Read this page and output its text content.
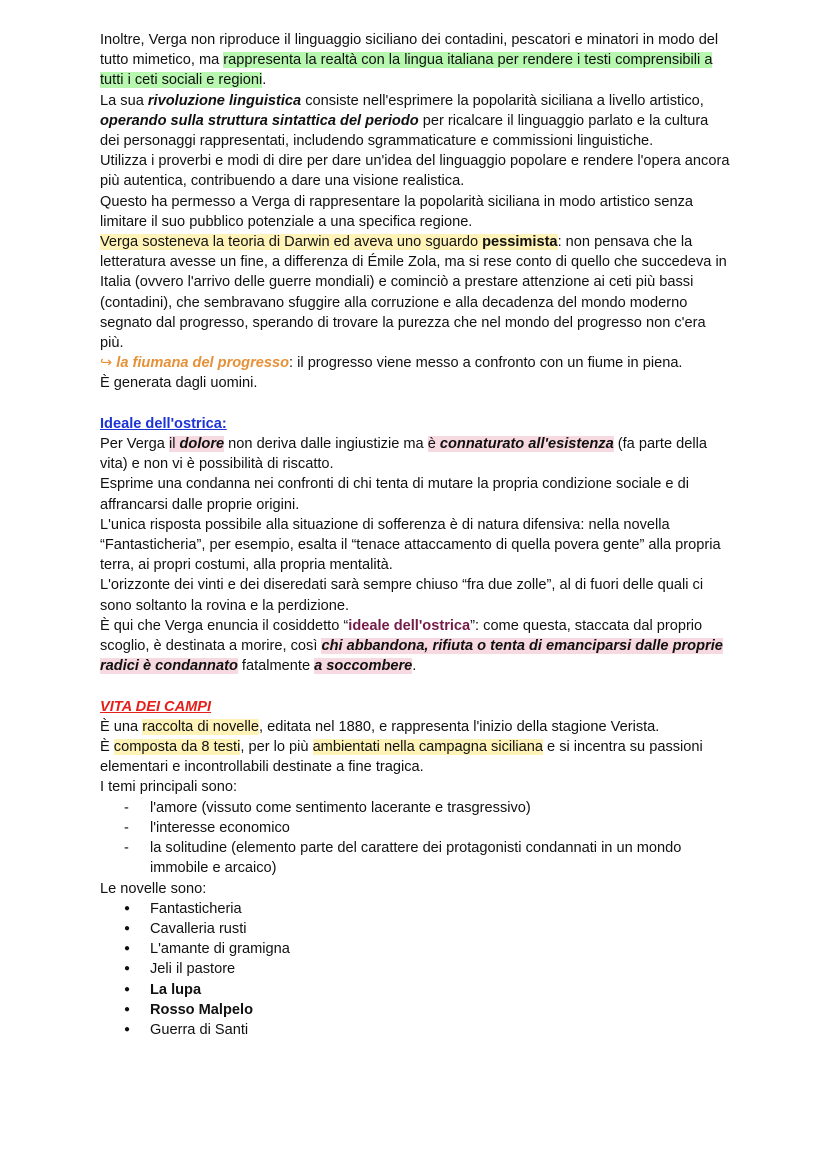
Inoltre, Verga non riproduce il linguaggio siciliano dei contadini, pescatori e minatori in modo del tutto mimetico, ma rappresenta la realtà con la lingua italiana per rendere i testi comprensibili a tutti i ceti sociali e regioni.

La sua rivoluzione linguistica consiste nell'esprimere la popolarità siciliana a livello artistico, operando sulla struttura sintattica del periodo per ricalcare il linguaggio parlato e la cultura dei personaggi rappresentati, includendo sgrammaticature e commissioni linguistiche.

Utilizza i proverbi e modi di dire per dare un'idea del linguaggio popolare e rendere l'opera ancora più autentica, contribuendo a dare una visione realistica.

Questo ha permesso a Verga di rappresentare la popolarità siciliana in modo artistico senza limitare il suo pubblico potenziale a una specifica regione.

Verga sosteneva la teoria di Darwin ed aveva uno sguardo pessimista: non pensava che la letteratura avesse un fine, a differenza di Émile Zola, ma si rese conto di quello che succedeva in Italia (ovvero l'arrivo delle guerre mondiali) e cominciò a prestare attenzione ai ceti più bassi (contadini), che sembravano sfuggire alla corruzione e alla decadenza del mondo moderno segnato dal progresso, sperando di trovare la purezza che nel mondo del progresso non c'era più.

↪ la fiumana del progresso: il progresso viene messo a confronto con un fiume in piena.

È generata dagli uomini.

Ideale dell'ostrica:

Per Verga il dolore non deriva dalle ingiustizie ma è connaturato all'esistenza (fa parte della vita) e non vi è possibilità di riscatto.

Esprime una condanna nei confronti di chi tenta di mutare la propria condizione sociale e di affrancarsi dalle proprie origini.

L'unica risposta possibile alla situazione di sofferenza è di natura difensiva: nella novella “Fantasticheria”, per esempio, esalta il “tenace attaccamento di quella povera gente” alla propria terra, ai propri costumi, alla propria mentalità.

L'orizzonte dei vinti e dei diseredati sarà sempre chiuso “fra due zolle”, al di fuori delle quali ci sono soltanto la rovina e la perdizione.

È qui che Verga enuncia il cosiddetto “ideale dell'ostrica”: come questa, staccata dal proprio scoglio, è destinata a morire, così chi abbandona, rifiuta o tenta di emanciparsi dalle proprie radici è condannato fatalmente a soccombere.

VITA DEI CAMPI

È una raccolta di novelle, editata nel 1880, e rappresenta l'inizio della stagione Verista.

È composta da 8 testi, per lo più ambientati nella campagna siciliana e si incentra su passioni elementari e incontrollabili destinate a fine tragica.

I temi principali sono:

- l'amore (vissuto come sentimento lacerante e trasgressivo)
- l'interesse economico
- la solitudine (elemento parte del carattere dei protagonisti condannati in un mondo immobile e arcaico)

Le novelle sono:

● Fantasticheria
● Cavalleria rusti
● L'amante di gramigna
● Jeli il pastore
● La lupa
● Rosso Malpelo
● Guerra di Santi
